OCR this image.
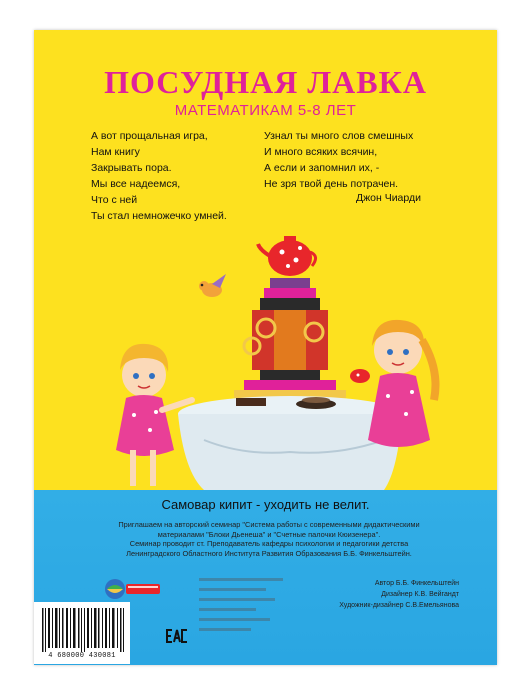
ПОСУДНАЯ ЛАВКА
МАТЕМАТИКАМ 5-8 ЛЕТ
А вот прощальная игра,
Нам книгу
Закрывать пора.
Мы все надеемся,
Что с ней
Ты стал немножечко умней.
Узнал ты много слов смешных
И много всяких всячин,
А если и запомнил их, -
Не зря твой день потрачен.
Джон Чиарди
Самовар кипит - уходить не велит.

Приглашаем на авторский семинар "Система работы с современными дидактическими

материалами "Блоки Дьенеша" и "Счетные палочки Кюизенера".

Семинар проводит ст. Преподаватель кафедры психологии и педагогики детства

Ленинградского Областного Института Развития Образования Б.Б. Финкельштейн.

Автор Б.Б. Финкельштейн
Дизайнер К.В. Вейгандт
Художник-дизайнер С.В.Емельянова
4 680000 430081
